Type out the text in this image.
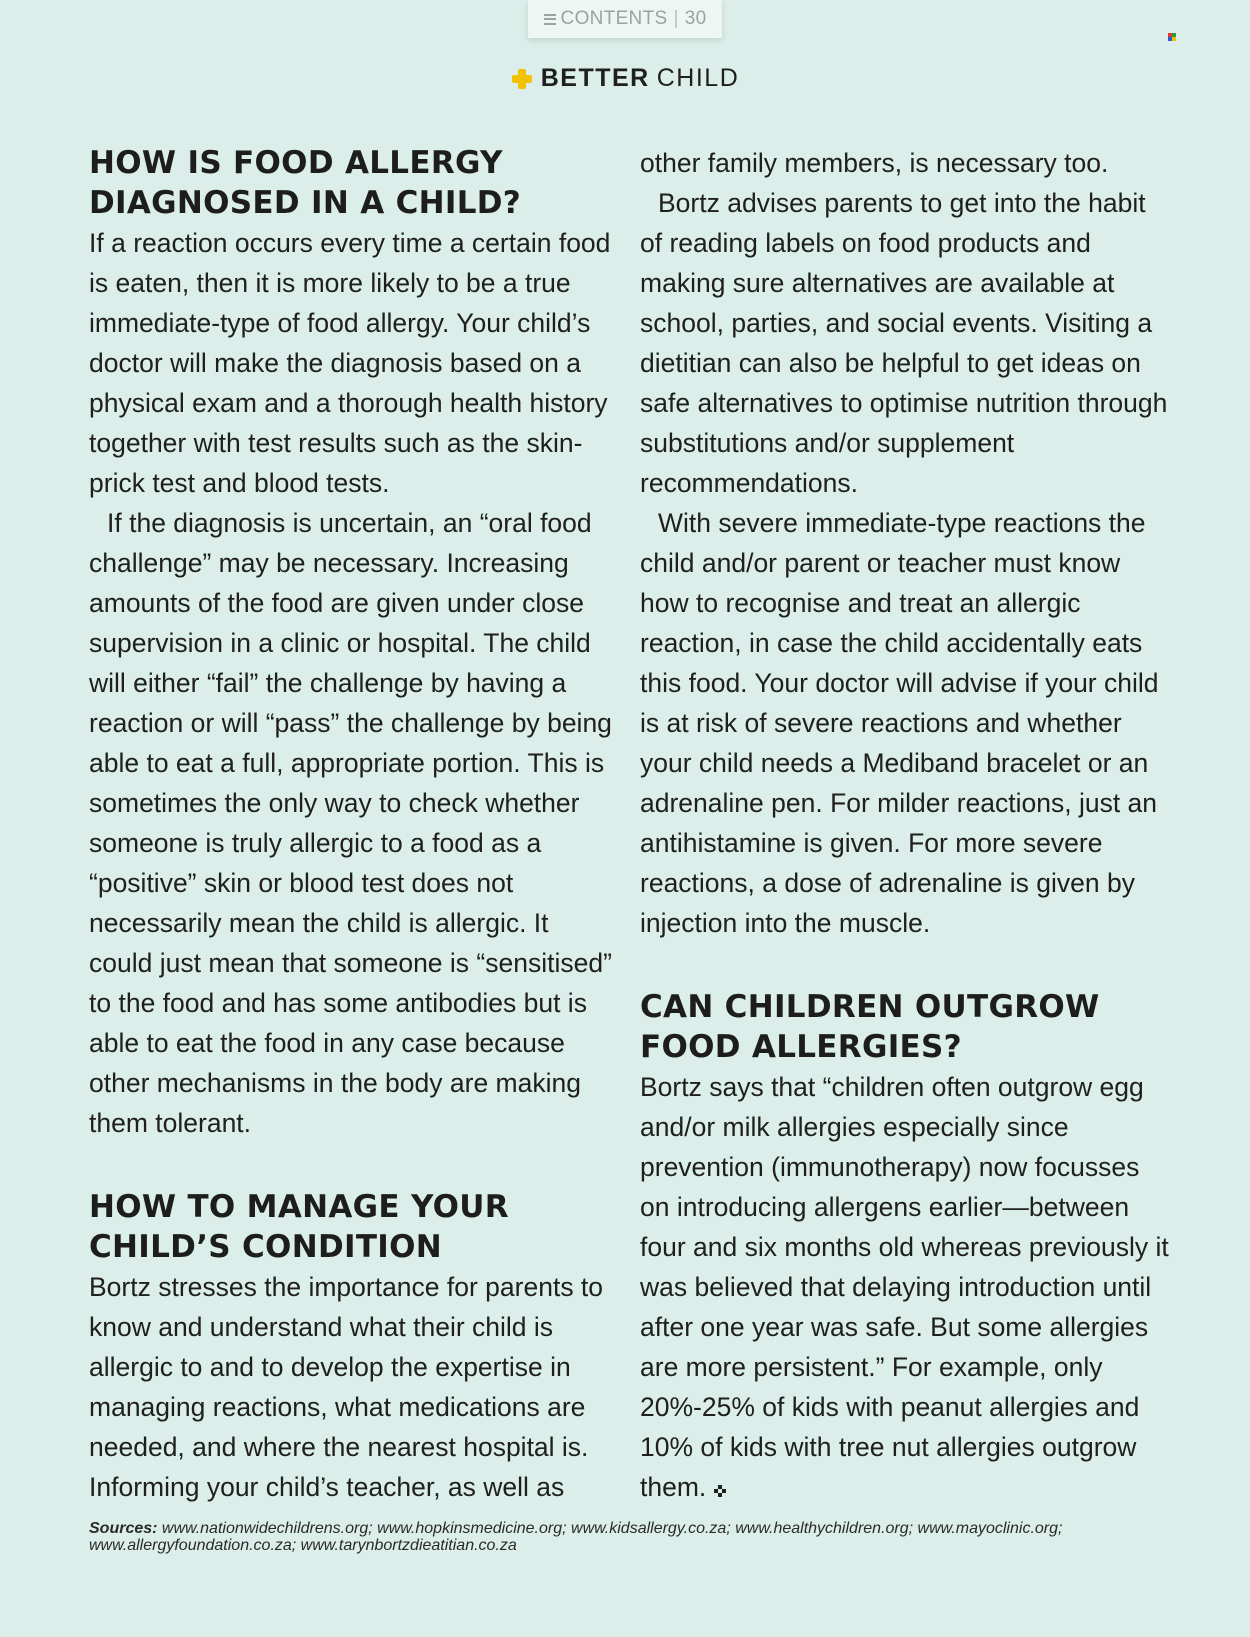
CONTENTS | 30
BETTER CHILD
HOW IS FOOD ALLERGY DIAGNOSED IN A CHILD?

If a reaction occurs every time a certain food is eaten, then it is more likely to be a true immediate-type of food allergy. Your child’s doctor will make the diagnosis based on a physical exam and a thorough health history together with test results such as the skin-prick test and blood tests.

If the diagnosis is uncertain, an “oral food challenge” may be necessary. Increasing amounts of the food are given under close supervision in a clinic or hospital. The child will either “fail” the challenge by having a reaction or will “pass” the challenge by being able to eat a full, appropriate portion. This is sometimes the only way to check whether someone is truly allergic to a food as a “positive” skin or blood test does not necessarily mean the child is allergic. It could just mean that someone is “sensitised” to the food and has some antibodies but is able to eat the food in any case because other mechanisms in the body are making them tolerant.

HOW TO MANAGE YOUR CHILD’S CONDITION

Bortz stresses the importance for parents to know and understand what their child is allergic to and to develop the expertise in managing reactions, what medications are needed, and where the nearest hospital is. Informing your child’s teacher, as well as

other family members, is necessary too.

Bortz advises parents to get into the habit of reading labels on food products and making sure alternatives are available at school, parties, and social events. Visiting a dietitian can also be helpful to get ideas on safe alternatives to optimise nutrition through substitutions and/or supplement recommendations.

With severe immediate-type reactions the child and/or parent or teacher must know how to recognise and treat an allergic reaction, in case the child accidentally eats this food. Your doctor will advise if your child is at risk of severe reactions and whether your child needs a Mediband bracelet or an adrenaline pen. For milder reactions, just an antihistamine is given. For more severe reactions, a dose of adrenaline is given by injection into the muscle.

CAN CHILDREN OUTGROW FOOD ALLERGIES?

Bortz says that “children often outgrow egg and/or milk allergies especially since prevention (immunotherapy) now focusses on introducing allergens earlier—between four and six months old whereas previously it was believed that delaying introduction until after one year was safe. But some allergies are more persistent.” For example, only 20%-25% of kids with peanut allergies and 10% of kids with tree nut allergies outgrow them.

Sources: www.nationwidechildrens.org; www.hopkinsmedicine.org; www.kidsallergy.co.za; www.healthychildren.org; www.mayoclinic.org; www.allergyfoundation.co.za; www.tarynbortzdieatitian.co.za
